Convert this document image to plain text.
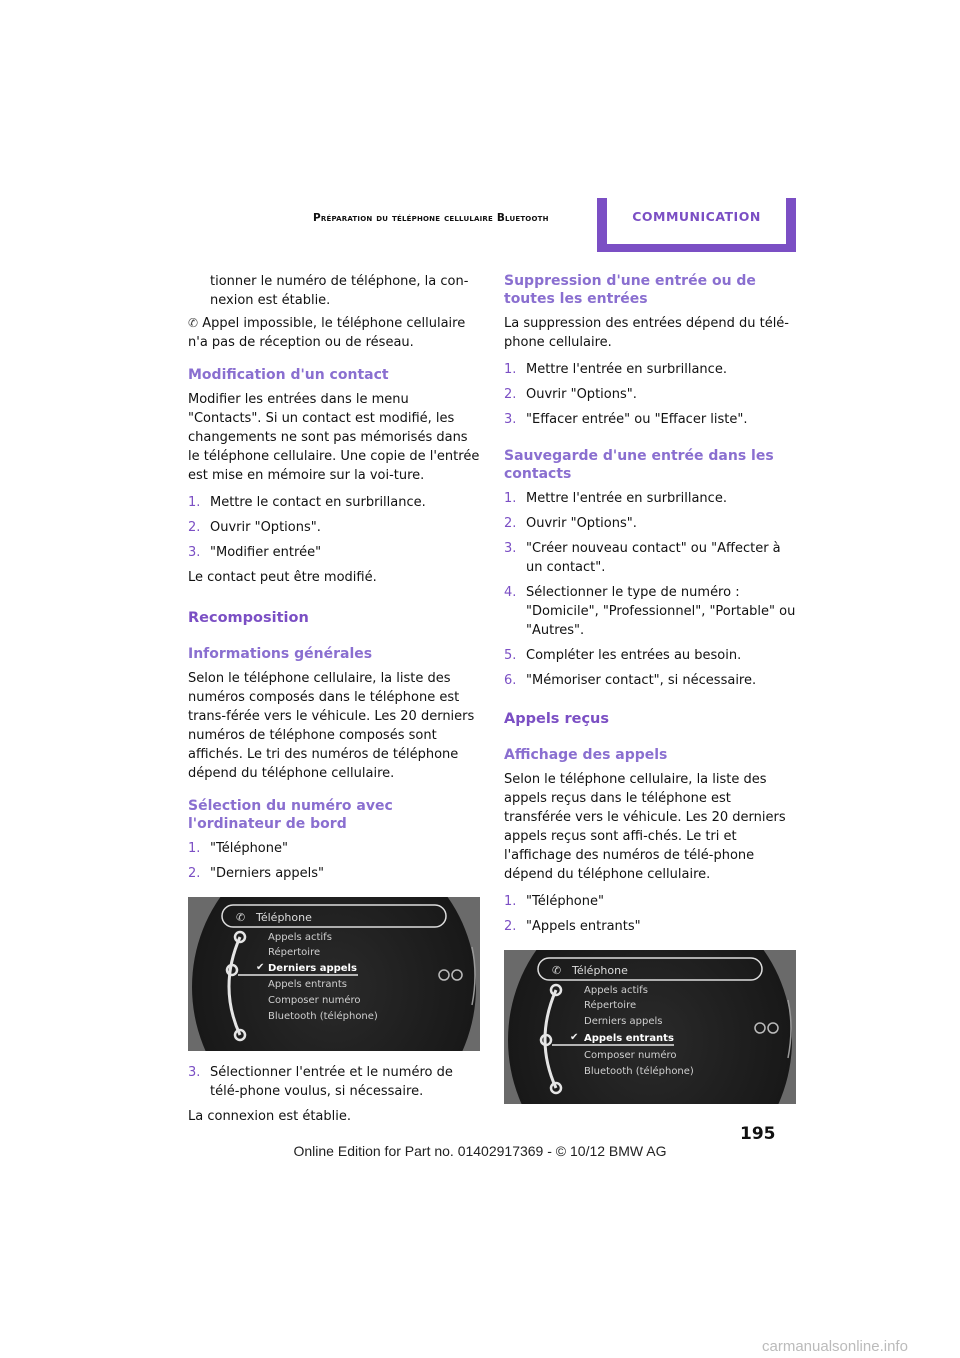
Préparation du téléphone cellulaire Bluetooth	COMMUNICATION

tionner le numéro de téléphone, la con-
nexion est établie.

✆ Appel impossible, le téléphone cellulaire n'a pas de réception ou de réseau.

Modification d'un contact

Modifier les entrées dans le menu "Contacts". Si un contact est modifié, les changements ne sont pas mémorisés dans le téléphone cellulaire. Une copie de l'entrée est mise en mémoire sur la voi-ture.

1. Mettre le contact en surbrillance.
2. Ouvrir "Options".
3. "Modifier entrée"

Le contact peut être modifié.

Recomposition
Informations générales

Selon le téléphone cellulaire, la liste des numéros composés dans le téléphone est trans-férée vers le véhicule. Les 20 derniers numéros de téléphone composés sont affichés. Le tri des numéros de téléphone dépend du téléphone cellulaire.

Sélection du numéro avec l'ordinateur de bord
1. "Téléphone"
2. "Derniers appels"
Téléphone
✆
✔
Appels actifs
Répertoire
Derniers appels
Appels entrants
Composer numéro
Bluetooth (téléphone)
3. Sélectionner l'entrée et le numéro de télé-phone voulus, si nécessaire.

La connexion est établie.

Suppression d'une entrée ou de toutes les entrées

La suppression des entrées dépend du télé-phone cellulaire.

1. Mettre l'entrée en surbrillance.
2. Ouvrir "Options".
3. "Effacer entrée" ou "Effacer liste".
Sauvegarde d'une entrée dans les contacts
1. Mettre l'entrée en surbrillance.
2. Ouvrir "Options".
3. "Créer nouveau contact" ou "Affecter à un contact".
4. Sélectionner le type de numéro : "Domicile", "Professionnel", "Portable" ou "Autres".
5. Compléter les entrées au besoin.
6. "Mémoriser contact", si nécessaire.
Appels reçus
Affichage des appels

Selon le téléphone cellulaire, la liste des appels reçus dans le téléphone est transférée vers le véhicule. Les 20 derniers appels reçus sont affi-chés. Le tri et l'affichage des numéros de télé-phone dépend du téléphone cellulaire.

1. "Téléphone"
2. "Appels entrants"
✆ Téléphone
✔
Appels actifs
Répertoire
Derniers appels
Appels entrants
Composer numéro
Bluetooth (téléphone)
195
Online Edition for Part no. 01402917369 - © 10/12 BMW AG
carmanualsonline.info
